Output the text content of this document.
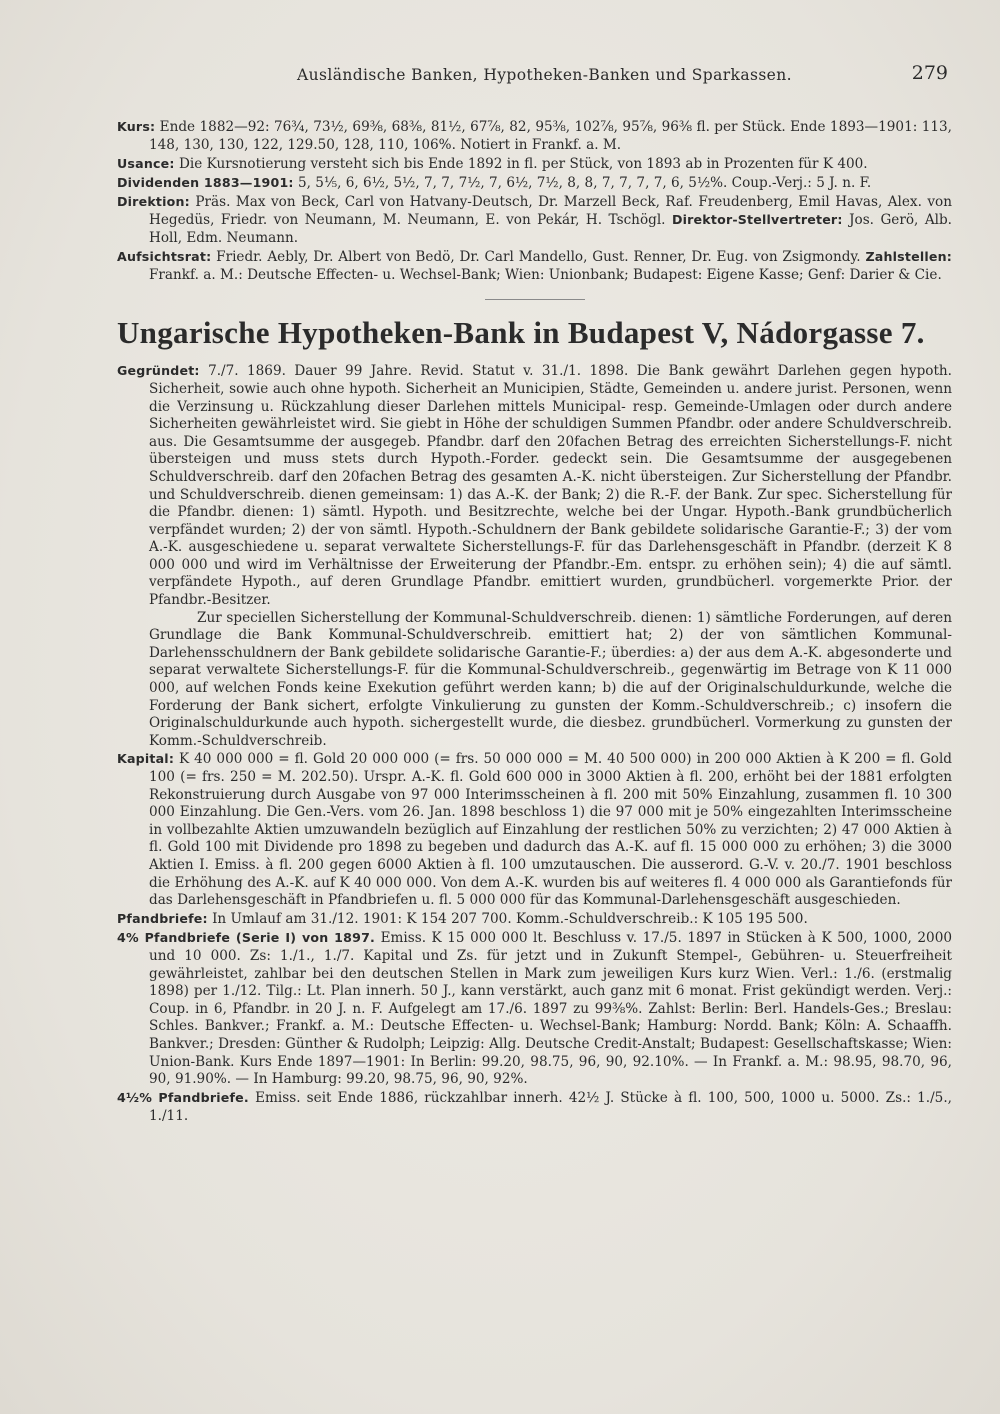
Ausländische Banken, Hypotheken-Banken und Sparkassen.	279

Kurs: Ende 1882—92: 76¾, 73½, 69⅜, 68⅜, 81½, 67⅞, 82, 95⅜, 102⅞, 95⅞, 96⅜ fl. per Stück. Ende 1893—1901: 113, 148, 130, 130, 122, 129.50, 128, 110, 106%. Notiert in Frankf. a. M.

Usance: Die Kursnotierung versteht sich bis Ende 1892 in fl. per Stück, von 1893 ab in Prozenten für K 400.

Dividenden 1883—1901: 5, 5⅕, 6, 6½, 5½, 7, 7, 7½, 7, 6½, 7½, 8, 8, 7, 7, 7, 7, 6, 5½%. Coup.-Verj.: 5 J. n. F.

Direktion: Präs. Max von Beck, Carl von Hatvany-Deutsch, Dr. Marzell Beck, Raf. Freudenberg, Emil Havas, Alex. von Hegedüs, Friedr. von Neumann, M. Neumann, E. von Pekár, H. Tschögl. Direktor-Stellvertreter: Jos. Gerö, Alb. Holl, Edm. Neumann.

Aufsichtsrat: Friedr. Aebly, Dr. Albert von Bedö, Dr. Carl Mandello, Gust. Renner, Dr. Eug. von Zsigmondy. Zahlstellen: Frankf. a. M.: Deutsche Effecten- u. Wechsel-Bank; Wien: Unionbank; Budapest: Eigene Kasse; Genf: Darier & Cie.

Ungarische Hypotheken-Bank in Budapest V, Nádorgasse 7.

Gegründet: 7./7. 1869. Dauer 99 Jahre. Revid. Statut v. 31./1. 1898. Die Bank gewährt Darlehen gegen hypoth. Sicherheit, sowie auch ohne hypoth. Sicherheit an Municipien, Städte, Gemeinden u. andere jurist. Personen, wenn die Verzinsung u. Rückzahlung dieser Darlehen mittels Municipal- resp. Gemeinde-Umlagen oder durch andere Sicherheiten gewährleistet wird. Sie giebt in Höhe der schuldigen Summen Pfandbr. oder andere Schuldverschreib. aus. Die Gesamtsumme der ausgegeb. Pfandbr. darf den 20fachen Betrag des erreichten Sicherstellungs-F. nicht übersteigen und muss stets durch Hypoth.-Forder. gedeckt sein. Die Gesamtsumme der ausgegebenen Schuldverschreib. darf den 20fachen Betrag des gesamten A.-K. nicht übersteigen. Zur Sicherstellung der Pfandbr. und Schuldverschreib. dienen gemeinsam: 1) das A.-K. der Bank; 2) die R.-F. der Bank. Zur spec. Sicherstellung für die Pfandbr. dienen: 1) sämtl. Hypoth. und Besitzrechte, welche bei der Ungar. Hypoth.-Bank grundbücherlich verpfändet wurden; 2) der von sämtl. Hypoth.-Schuldnern der Bank gebildete solidarische Garantie-F.; 3) der vom A.-K. ausgeschiedene u. separat verwaltete Sicherstellungs-F. für das Darlehensgeschäft in Pfandbr. (derzeit K 8 000 000 und wird im Verhältnisse der Erweiterung der Pfandbr.-Em. entspr. zu erhöhen sein); 4) die auf sämtl. verpfändete Hypoth., auf deren Grundlage Pfandbr. emittiert wurden, grundbücherl. vorgemerkte Prior. der Pfandbr.-Besitzer.

Zur speciellen Sicherstellung der Kommunal-Schuldverschreib. dienen: 1) sämtliche Forderungen, auf deren Grundlage die Bank Kommunal-Schuldverschreib. emittiert hat; 2) der von sämtlichen Kommunal-Darlehensschuldnern der Bank gebildete solidarische Garantie-F.; überdies: a) der aus dem A.-K. abgesonderte und separat verwaltete Sicherstellungs-F. für die Kommunal-Schuldverschreib., gegenwärtig im Betrage von K 11 000 000, auf welchen Fonds keine Exekution geführt werden kann; b) die auf der Originalschuldurkunde, welche die Forderung der Bank sichert, erfolgte Vinkulierung zu gunsten der Komm.-Schuldverschreib.; c) insofern die Originalschuldurkunde auch hypoth. sichergestellt wurde, die diesbez. grundbücherl. Vormerkung zu gunsten der Komm.-Schuldverschreib.

Kapital: K 40 000 000 = fl. Gold 20 000 000 (= frs. 50 000 000 = M. 40 500 000) in 200 000 Aktien à K 200 = fl. Gold 100 (= frs. 250 = M. 202.50). Urspr. A.-K. fl. Gold 600 000 in 3000 Aktien à fl. 200, erhöht bei der 1881 erfolgten Rekonstruierung durch Ausgabe von 97 000 Interimsscheinen à fl. 200 mit 50% Einzahlung, zusammen fl. 10 300 000 Einzahlung. Die Gen.-Vers. vom 26. Jan. 1898 beschloss 1) die 97 000 mit je 50% eingezahlten Interimsscheine in vollbezahlte Aktien umzuwandeln bezüglich auf Einzahlung der restlichen 50% zu verzichten; 2) 47 000 Aktien à fl. Gold 100 mit Dividende pro 1898 zu begeben und dadurch das A.-K. auf fl. 15 000 000 zu erhöhen; 3) die 3000 Aktien I. Emiss. à fl. 200 gegen 6000 Aktien à fl. 100 umzutauschen. Die ausserord. G.-V. v. 20./7. 1901 beschloss die Erhöhung des A.-K. auf K 40 000 000. Von dem A.-K. wurden bis auf weiteres fl. 4 000 000 als Garantiefonds für das Darlehensgeschäft in Pfandbriefen u. fl. 5 000 000 für das Kommunal-Darlehensgeschäft ausgeschieden.

Pfandbriefe: In Umlauf am 31./12. 1901: K 154 207 700. Komm.-Schuldverschreib.: K 105 195 500.

4% Pfandbriefe (Serie I) von 1897. Emiss. K 15 000 000 lt. Beschluss v. 17./5. 1897 in Stücken à K 500, 1000, 2000 und 10 000. Zs: 1./1., 1./7. Kapital und Zs. für jetzt und in Zukunft Stempel-, Gebühren- u. Steuerfreiheit gewährleistet, zahlbar bei den deutschen Stellen in Mark zum jeweiligen Kurs kurz Wien. Verl.: 1./6. (erstmalig 1898) per 1./12. Tilg.: Lt. Plan innerh. 50 J., kann verstärkt, auch ganz mit 6 monat. Frist gekündigt werden. Verj.: Coup. in 6, Pfandbr. in 20 J. n. F. Aufgelegt am 17./6. 1897 zu 99⅜%. Zahlst: Berlin: Berl. Handels-Ges.; Breslau: Schles. Bankver.; Frankf. a. M.: Deutsche Effecten- u. Wechsel-Bank; Hamburg: Nordd. Bank; Köln: A. Schaaffh. Bankver.; Dresden: Günther & Rudolph; Leipzig: Allg. Deutsche Credit-Anstalt; Budapest: Gesellschaftskasse; Wien: Union-Bank. Kurs Ende 1897—1901: In Berlin: 99.20, 98.75, 96, 90, 92.10%. — In Frankf. a. M.: 98.95, 98.70, 96, 90, 91.90%. — In Hamburg: 99.20, 98.75, 96, 90, 92%.

4½% Pfandbriefe. Emiss. seit Ende 1886, rückzahlbar innerh. 42½ J. Stücke à fl. 100, 500, 1000 u. 5000. Zs.: 1./5., 1./11.
